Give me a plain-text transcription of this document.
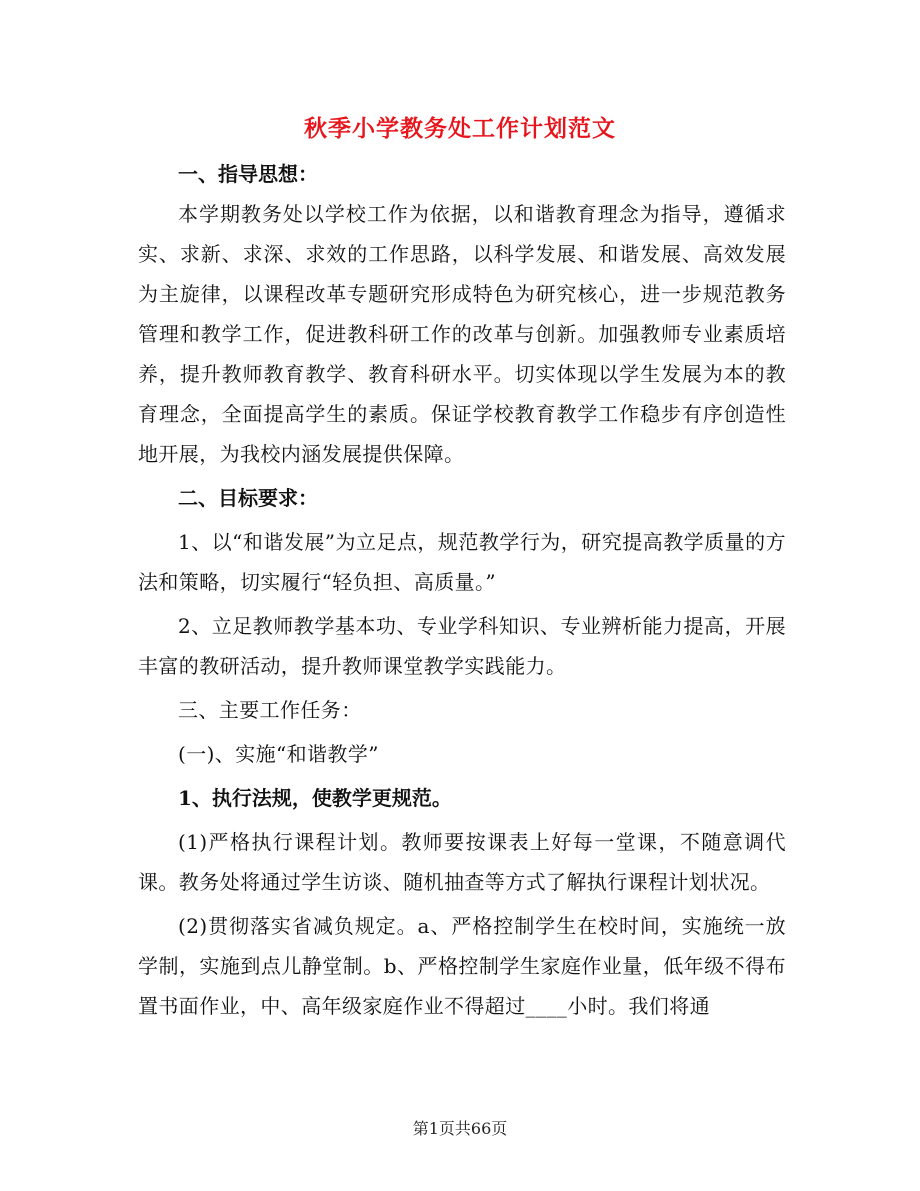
秋季小学教务处工作计划范文

一、指导思想：

本学期教务处以学校工作为依据，以和谐教育理念为指导，遵循求实、求新、求深、求效的工作思路，以科学发展、和谐发展、高效发展为主旋律，以课程改革专题研究形成特色为研究核心，进一步规范教务管理和教学工作，促进教科研工作的改革与创新。加强教师专业素质培养，提升教师教育教学、教育科研水平。切实体现以学生发展为本的教育理念，全面提高学生的素质。保证学校教育教学工作稳步有序创造性地开展，为我校内涵发展提供保障。

二、目标要求：

1、以“和谐发展”为立足点，规范教学行为，研究提高教学质量的方法和策略，切实履行“轻负担、高质量。”

2、立足教师教学基本功、专业学科知识、专业辨析能力提高，开展丰富的教研活动，提升教师课堂教学实践能力。

三、主要工作任务：

(一)、实施“和谐教学”

1、执行法规，使教学更规范。

(1)严格执行课程计划。教师要按课表上好每一堂课，不随意调代课。教务处将通过学生访谈、随机抽查等方式了解执行课程计划状况。

(2)贯彻落实省减负规定。a、严格控制学生在校时间，实施统一放学制，实施到点儿静堂制。b、严格控制学生家庭作业量，低年级不得布置书面作业，中、高年级家庭作业不得超过____小时。我们将通

第1页共66页
